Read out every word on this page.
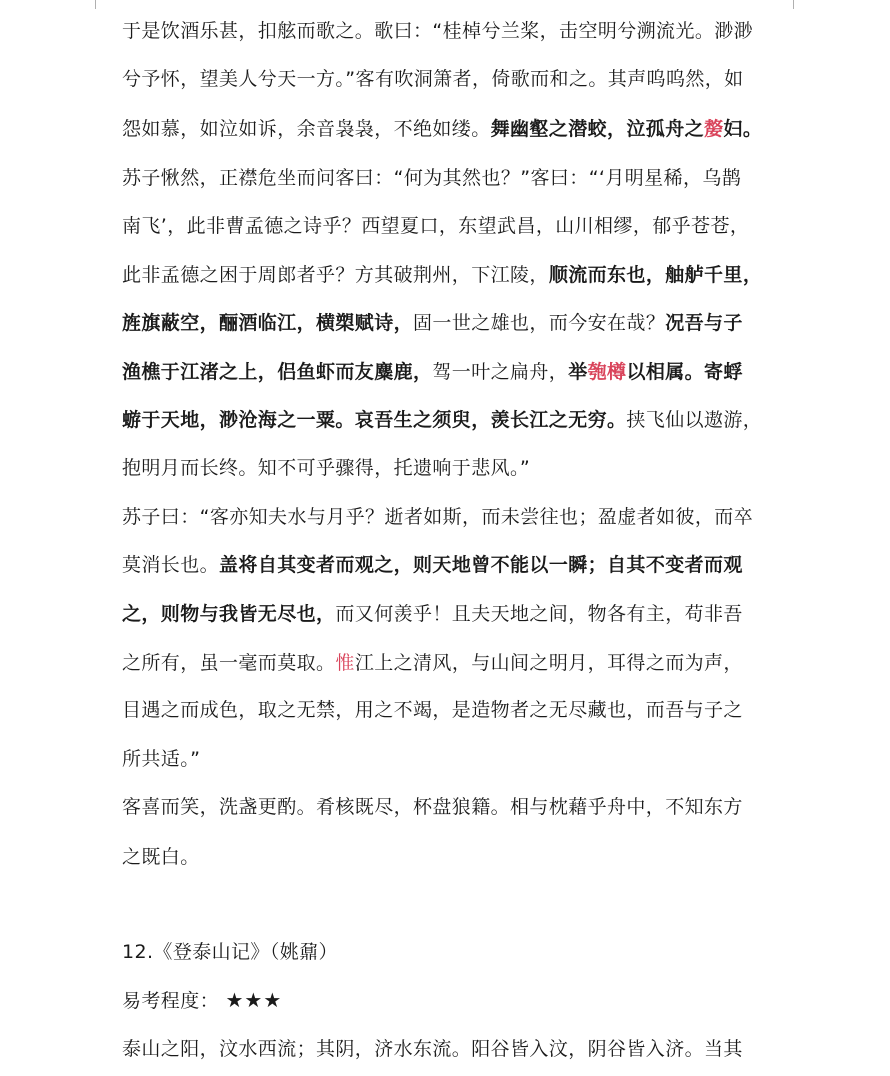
于是饮酒乐甚，扣舷而歌之。歌曰：“桂棹兮兰桨，击空明兮溯流光。渺渺
兮予怀，望美人兮天一方。”客有吹洞箫者，倚歌而和之。其声呜呜然，如
怨如慕，如泣如诉，余音袅袅，不绝如缕。舞幽壑之潜蛟，泣孤舟之嫠妇。
苏子愀然，正襟危坐而问客曰：“何为其然也？”客曰：“‘月明星稀，乌鹊
南飞’，此非曹孟德之诗乎？西望夏口，东望武昌，山川相缪，郁乎苍苍，
此非孟德之困于周郎者乎？方其破荆州，下江陵，顺流而东也，舳舻千里，
旌旗蔽空，酾酒临江，横槊赋诗，固一世之雄也，而今安在哉？况吾与子
渔樵于江渚之上，侣鱼虾而友麋鹿，驾一叶之扁舟，举匏樽以相属。寄蜉
蝣于天地，渺沧海之一粟。哀吾生之须臾，羡长江之无穷。挟飞仙以遨游，
抱明月而长终。知不可乎骤得，托遗响于悲风。”
苏子曰：“客亦知夫水与月乎？逝者如斯，而未尝往也；盈虚者如彼，而卒
莫消长也。盖将自其变者而观之，则天地曾不能以一瞬；自其不变者而观
之，则物与我皆无尽也，而又何羡乎！且夫天地之间，物各有主，苟非吾
之所有，虽一毫而莫取。惟江上之清风，与山间之明月，耳得之而为声，
目遇之而成色，取之无禁，用之不竭，是造物者之无尽藏也，而吾与子之
所共适。”
客喜而笑，洗盏更酌。肴核既尽，杯盘狼籍。相与枕藉乎舟中，不知东方
之既白。
12.《登泰山记》（姚鼐）
易考程度： ★★★
泰山之阳，汶水西流；其阴，济水东流。阳谷皆入汶，阴谷皆入济。当其
